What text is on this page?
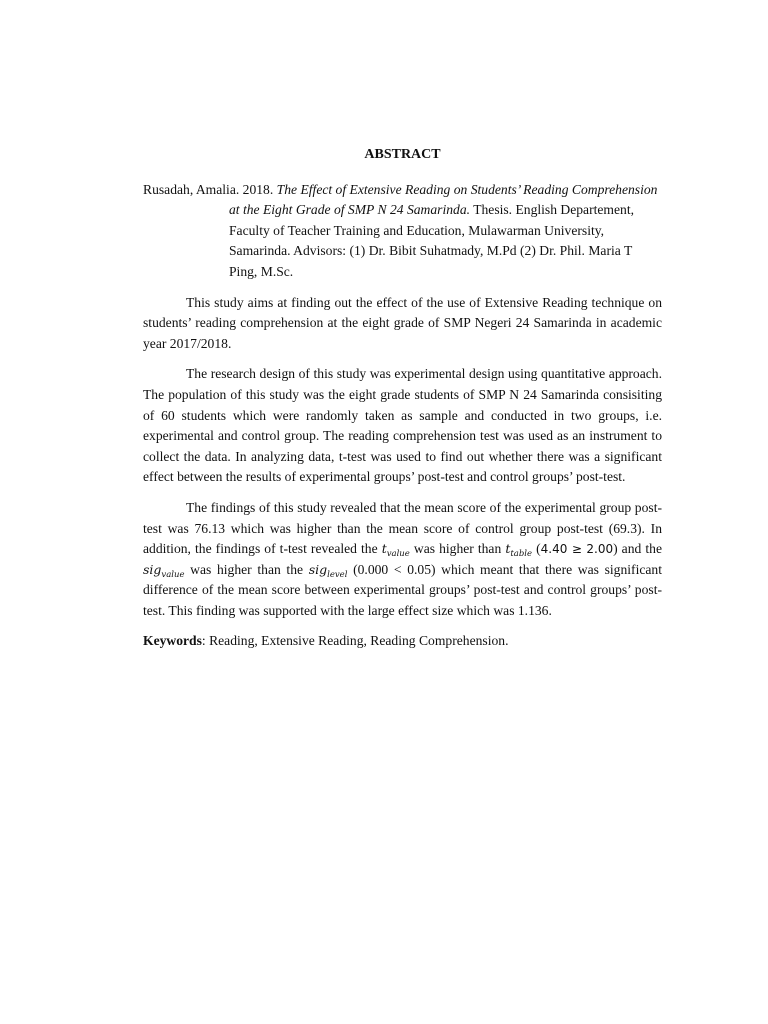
ABSTRACT

Rusadah, Amalia. 2018. The Effect of Extensive Reading on Students’ Reading Comprehension at the Eight Grade of SMP N 24 Samarinda. Thesis. English Departement, Faculty of Teacher Training and Education, Mulawarman University, Samarinda. Advisors: (1) Dr. Bibit Suhatmady, M.Pd (2) Dr. Phil. Maria T Ping, M.Sc.

This study aims at finding out the effect of the use of Extensive Reading technique on students’ reading comprehension at the eight grade of SMP Negeri 24 Samarinda in academic year 2017/2018.

The research design of this study was experimental design using quantitative approach. The population of this study was the eight grade students of SMP N 24 Samarinda consisiting of 60 students which were randomly taken as sample and conducted in two groups, i.e. experimental and control group. The reading comprehension test was used as an instrument to collect the data. In analyzing data, t-test was used to find out whether there was a significant effect between the results of experimental groups’ post-test and control groups’ post-test.

The findings of this study revealed that the mean score of the experimental group post-test was 76.13 which was higher than the mean score of control group post-test (69.3). In addition, the findings of t-test revealed the $t_{value}$ was higher than $t_{table}$ (4.40 ≥ 2.00) and the sig$_{value}$ was higher than the sig$_{level}$ (0.000 < 0.05) which meant that there was significant difference of the mean score between experimental groups’ post-test and control groups’ post-test. This finding was supported with the large effect size which was 1.136.

Keywords: Reading, Extensive Reading, Reading Comprehension.
